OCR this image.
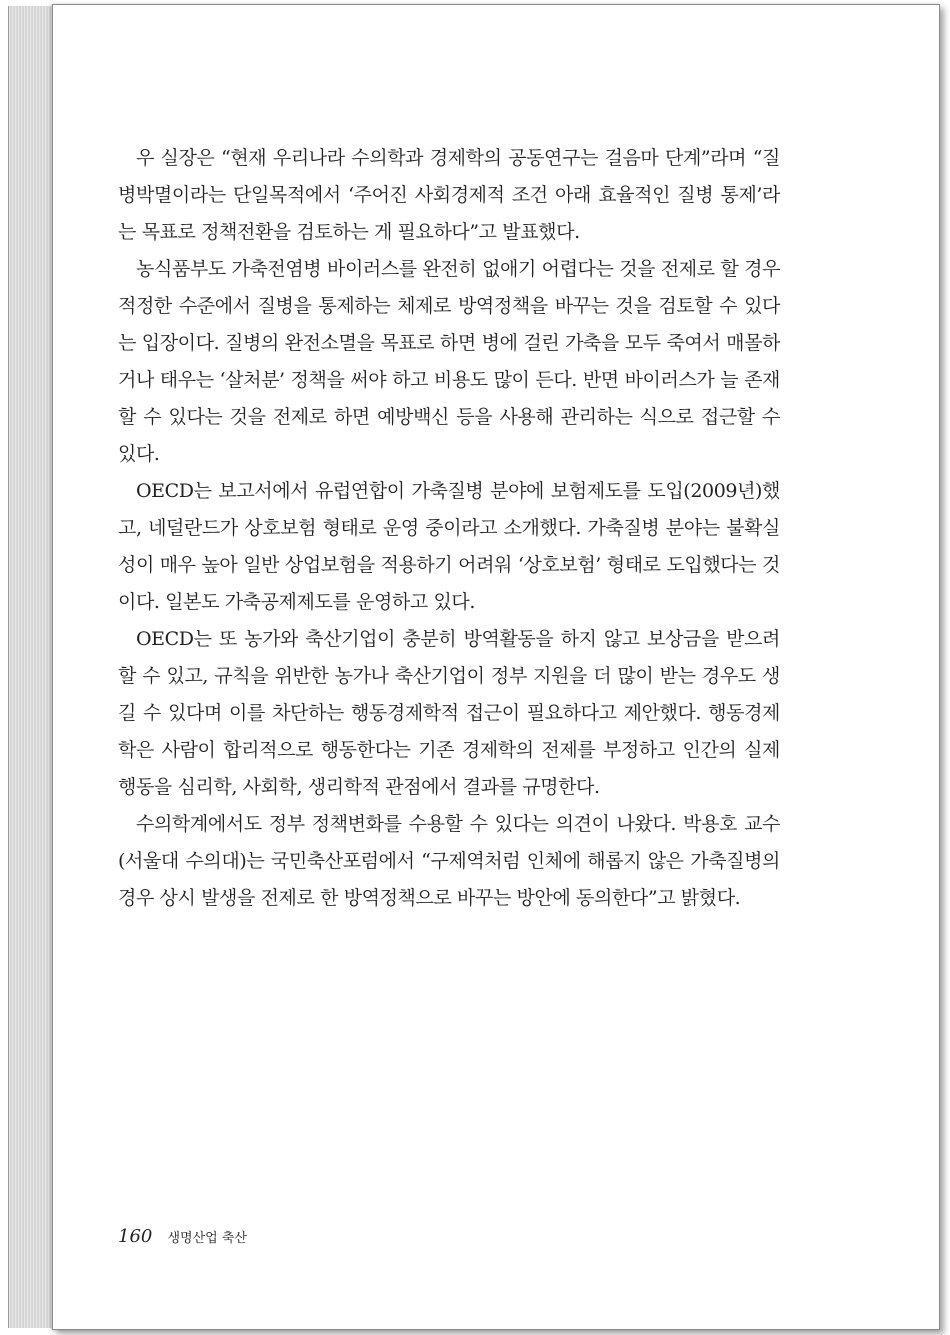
우 실장은 “현재 우리나라 수의학과 경제학의 공동연구는 걸음마 단계”라며 “질병박멸이라는 단일목적에서 ‘주어진 사회경제적 조건 아래 효율적인 질병 통제’라는 목표로 정책전환을 검토하는 게 필요하다”고 발표했다.

농식품부도 가축전염병 바이러스를 완전히 없애기 어렵다는 것을 전제로 할 경우 적정한 수준에서 질병을 통제하는 체제로 방역정책을 바꾸는 것을 검토할 수 있다는 입장이다. 질병의 완전소멸을 목표로 하면 병에 걸린 가축을 모두 죽여서 매몰하거나 태우는 ‘살처분’ 정책을 써야 하고 비용도 많이 든다. 반면 바이러스가 늘 존재할 수 있다는 것을 전제로 하면 예방백신 등을 사용해 관리하는 식으로 접근할 수 있다.

OECD는 보고서에서 유럽연합이 가축질병 분야에 보험제도를 도입(2009년)했고, 네덜란드가 상호보험 형태로 운영 중이라고 소개했다. 가축질병 분야는 불확실성이 매우 높아 일반 상업보험을 적용하기 어려워 ‘상호보험’ 형태로 도입했다는 것이다. 일본도 가축공제제도를 운영하고 있다.

OECD는 또 농가와 축산기업이 충분히 방역활동을 하지 않고 보상금을 받으려 할 수 있고, 규칙을 위반한 농가나 축산기업이 정부 지원을 더 많이 받는 경우도 생길 수 있다며 이를 차단하는 행동경제학적 접근이 필요하다고 제안했다. 행동경제학은 사람이 합리적으로 행동한다는 기존 경제학의 전제를 부정하고 인간의 실제 행동을 심리학, 사회학, 생리학적 관점에서 결과를 규명한다.

수의학계에서도 정부 정책변화를 수용할 수 있다는 의견이 나왔다. 박용호 교수(서울대 수의대)는 국민축산포럼에서 “구제역처럼 인체에 해롭지 않은 가축질병의 경우 상시 발생을 전제로 한 방역정책으로 바꾸는 방안에 동의한다”고 밝혔다.

160 생명산업 축산
